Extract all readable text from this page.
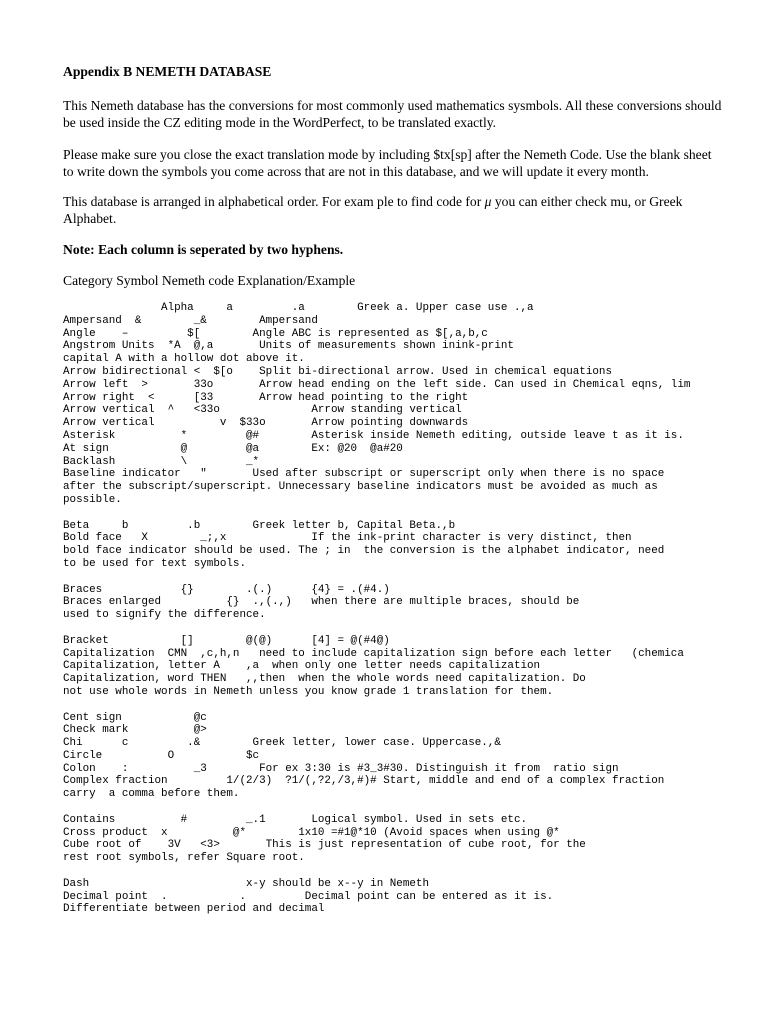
Appendix B NEMETH DATABASE

This Nemeth database has the conversions for most commonly used mathematics sysmbols. All these conversions should be used inside the CZ editing mode in the WordPerfect, to be translated exactly.

Please make sure you close the exact translation mode by including $tx[sp] after the Nemeth Code. Use the blank sheet to write down the symbols you come across that are not in this database, and we will update it every month.

This database is arranged in alphabetical order. For exam ple to find code for μ you can either check mu, or Greek Alphabet.

Note: Each column is seperated by two hyphens.

Category Symbol Nemeth code Explanation/Example

Alpha     a         .a        Greek a. Upper case use .,a
Ampersand  &        _&        Ampersand
Angle    –         $[        Angle ABC is represented as $[,a,b,c
Angstrom Units  *A  @,a       Units of measurements shown inink-print
capital A with a hollow dot above it.
Arrow bidirectional <  $[o    Split bi-directional arrow. Used in chemical equations
Arrow left  >       33o       Arrow head ending on the left side. Can used in Chemical eqns, lim
Arrow right  <      [33       Arrow head pointing to the right
Arrow vertical  ^   <33o              Arrow standing vertical
Arrow vertical          v  $33o       Arrow pointing downwards
Asterisk          *         @#        Asterisk inside Nemeth editing, outside leave t as it is.
At sign           @         @a        Ex: @20  @a#20
Backlash          \         _*
Baseline indicator   "       Used after subscript or superscript only when there is no space
after the subscript/superscript. Unnecessary baseline indicators must be avoided as much as
possible.
Beta     b         .b        Greek letter b, Capital Beta.,b
Bold face   X        _;,x             If the ink-print character is very distinct, then
bold face indicator should be used. The ; in  the conversion is the alphabet indicator, need
to be used for text symbols.
Braces            {}        .(.)      {4} = .(#4.)
Braces enlarged          {}  .,(.,)   when there are multiple braces, should be
used to signify the difference.
Bracket           []        @(@)      [4] = @(#4@)
Capitalization  CMN  ,c,h,n   need to include capitalization sign before each letter   (chemica
Capitalization, letter A    ,a  when only one letter needs capitalization
Capitalization, word THEN   ,,then  when the whole words need capitalization. Do
not use whole words in Nemeth unless you know grade 1 translation for them.
Cent sign           @c
Check mark          @>
Chi      c         .&        Greek letter, lower case. Uppercase.,&
Circle          O           $c
Colon    :          _3        For ex 3:30 is #3_3#30. Distinguish it from  ratio sign
Complex fraction         1/(2/3)  ?1/(,?2,/3,#)# Start, middle and end of a complex fraction
carry  a comma before them.
Contains          #         _.1       Logical symbol. Used in sets etc.
Cross product  x          @*        1x10 =#1@*10 (Avoid spaces when using @*
Cube root of    3V   <3>       This is just representation of cube root, for the
rest root symbols, refer Square root.
Dash                        x-y should be x--y in Nemeth
Decimal point  .           .         Decimal point can be entered as it is.
Differentiate between period and decimal
